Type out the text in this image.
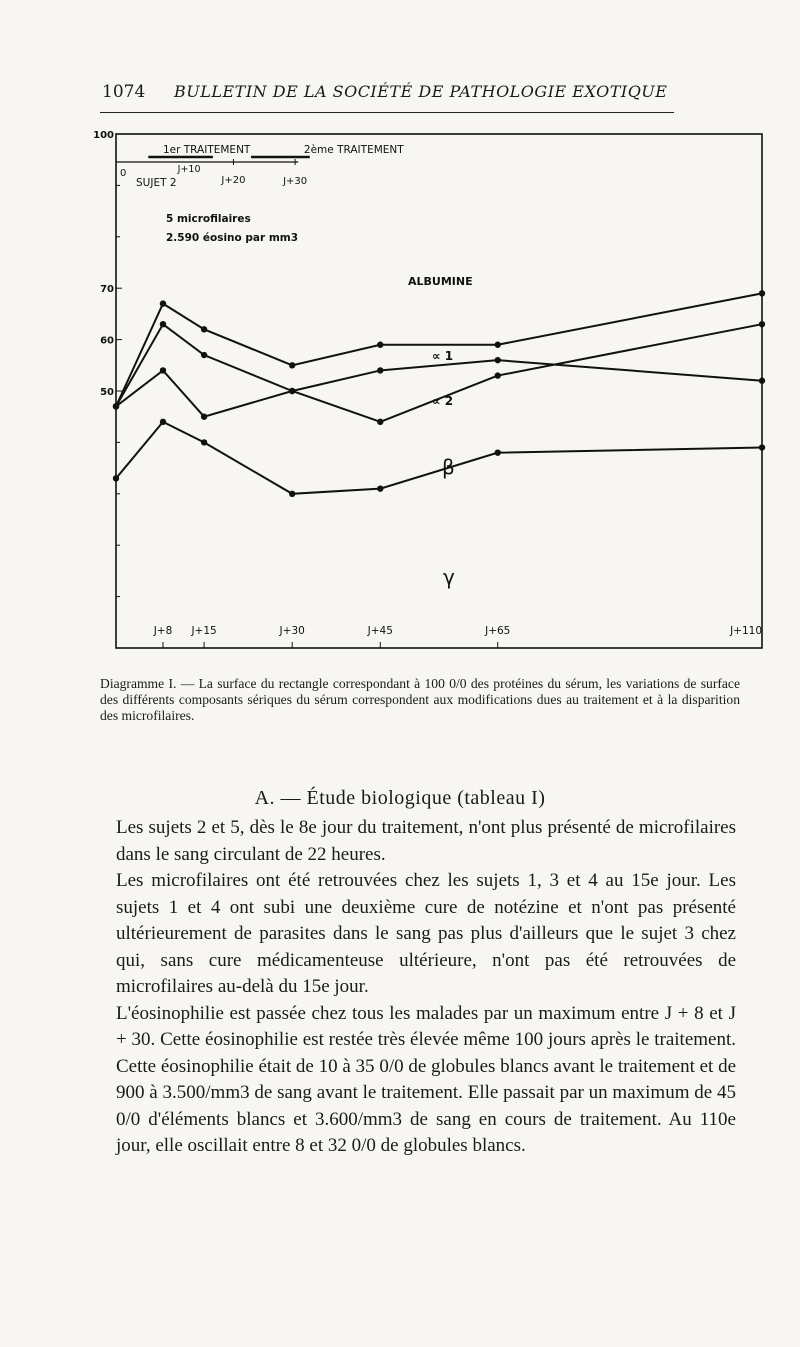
1074 BULLETIN DE LA SOCIÉTÉ DE PATHOLOGIE EXOTIQUE
100
70
60
50
J+8 J+15	J+30	J+45	J+65	J+110
0
1er TRAITEMENT	2ème TRAITEMENT
J+10
J+20	J+30
SUJET 2
5 microfilaires
2.590 éosino par mm3
ALBUMINE
∝ 1
∝ 2
β
γ
Diagramme I. — La surface du rectangle correspondant à 100 0/0 des protéines du sérum, les variations de surface des différents composants sériques du sérum correspondent aux modifications dues au traitement et à la disparition des microfilaires.
A. — Étude biologique (tableau I)

Les sujets 2 et 5, dès le 8e jour du traitement, n'ont plus présenté de microfilaires dans le sang circulant de 22 heures.

Les microfilaires ont été retrouvées chez les sujets 1, 3 et 4 au 15e jour. Les sujets 1 et 4 ont subi une deuxième cure de notézine et n'ont pas présenté ultérieurement de parasites dans le sang pas plus d'ailleurs que le sujet 3 chez qui, sans cure médicamenteuse ultérieure, n'ont pas été retrouvées de microfilaires au-delà du 15e jour.

L'éosinophilie est passée chez tous les malades par un maximum entre J + 8 et J + 30. Cette éosinophilie est restée très élevée même 100 jours après le traitement. Cette éosinophilie était de 10 à 35 0/0 de globules blancs avant le traitement et de 900 à 3.500/mm3 de sang avant le traitement. Elle passait par un maximum de 45 0/0 d'éléments blancs et 3.600/mm3 de sang en cours de traitement. Au 110e jour, elle oscillait entre 8 et 32 0/0 de globules blancs.
